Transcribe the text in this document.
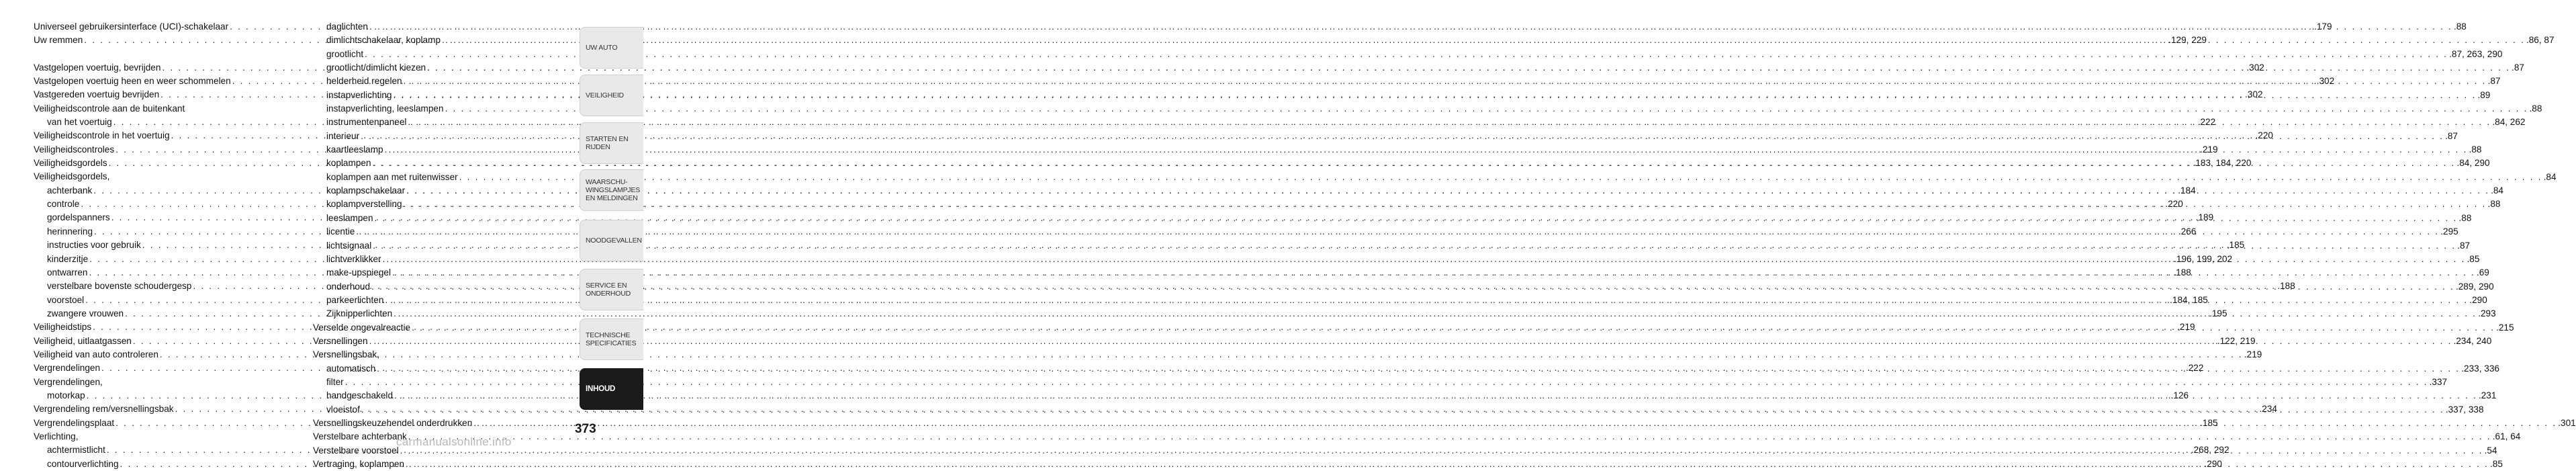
Universeel gebruikersinterface (UCI)-schakelaar . . .	.179
Uw remmen . . .	.129, 229
Vastgelopen voertuig, bevrijden . . .	.302
Vastgelopen voertuig heen en weer schommelen . . .	.302
Vastgereden voertuig bevrijden . . .	.302
Veiligheidscontrole aan de buitenkant
van het voertuig . . .	.222
Veiligheidscontrole in het voertuig . . .	.220
Veiligheidscontroles . . .	.219
Veiligheidsgordels . . .	.183, 184, 220
Veiligheidsgordels,
achterbank . . .	.184
controle . . .	.220
gordelspanners . . .	.189
herinnering . . .	.266
instructies voor gebruik . . .	.185
kinderzitje . . .	.196, 199, 202
ontwarren . . .	.188
verstelbare bovenste schoudergesp . . .	.188
voorstoel . . .	.184, 185
zwangere vrouwen . . .	.195
Veiligheidstips . . .	.219
Veiligheid, uitlaatgassen . . .	.122, 219
Veiligheid van auto controleren . . .	.219
Vergrendelingen . . .	.222
Vergrendelingen,
motorkap . . .	.126
Vergrendeling rem/versnellingsbak . . .	.234
Vergrendelingsplaat . . .	.185
Verlichting,
achtermistlicht . . .	.268, 292
contourverlichting . . .	.290
daglichten . . .	.88
dimlichtschakelaar, koplamp . . .	.86, 87
grootlicht . . .	.87, 263, 290
grootlicht/dimlicht kiezen . . .	.87
helderheid regelen . . .	.87
instapverlichting . . .	.89
instapverlichting, leeslampen . . .	.88
instrumentenpaneel . . .	.84, 262
interieur . . .	.87
kaartleeslamp . . .	.88
koplampen . . .	.84, 290
koplampen aan met ruitenwisser . . .	.84
koplampschakelaar . . .	.84
koplampverstelling . . .	.88
leeslampen . . .	.88
licentie . . .	.295
lichtsignaal . . .	.87
lichtverklikker . . .	.85
make-upspiegel . . .	.69
onderhoud . . .	.289, 290
parkeerlichten . . .	.290
Zijknipperlichten . . .	.293
Verselde ongevalreactie . . .	.215
Versnellingen . . .	.234, 240
Versnellingsbak,
automatisch . . .	.233, 336
filter . . .	.337
handgeschakeld . . .	.231
vloeistof . . .	.337, 338
Versnellingskeuzehendel onderdrukken . . .	.301
Verstelbare achterbank . . .	.61, 64
Verstelbare voorstoel . . .	.54
Vertraging, koplampen . . .	.85
UW AUTO
VEILIGHEID
STARTEN EN RIJDEN
WAARSCHU- WINGSLAMPJES EN MELDINGEN
NOODGEVALLEN
SERVICE EN ONDERHOUD
TECHNISCHE SPECIFICATIES
INHOUD
373
carmanualsonline.info
